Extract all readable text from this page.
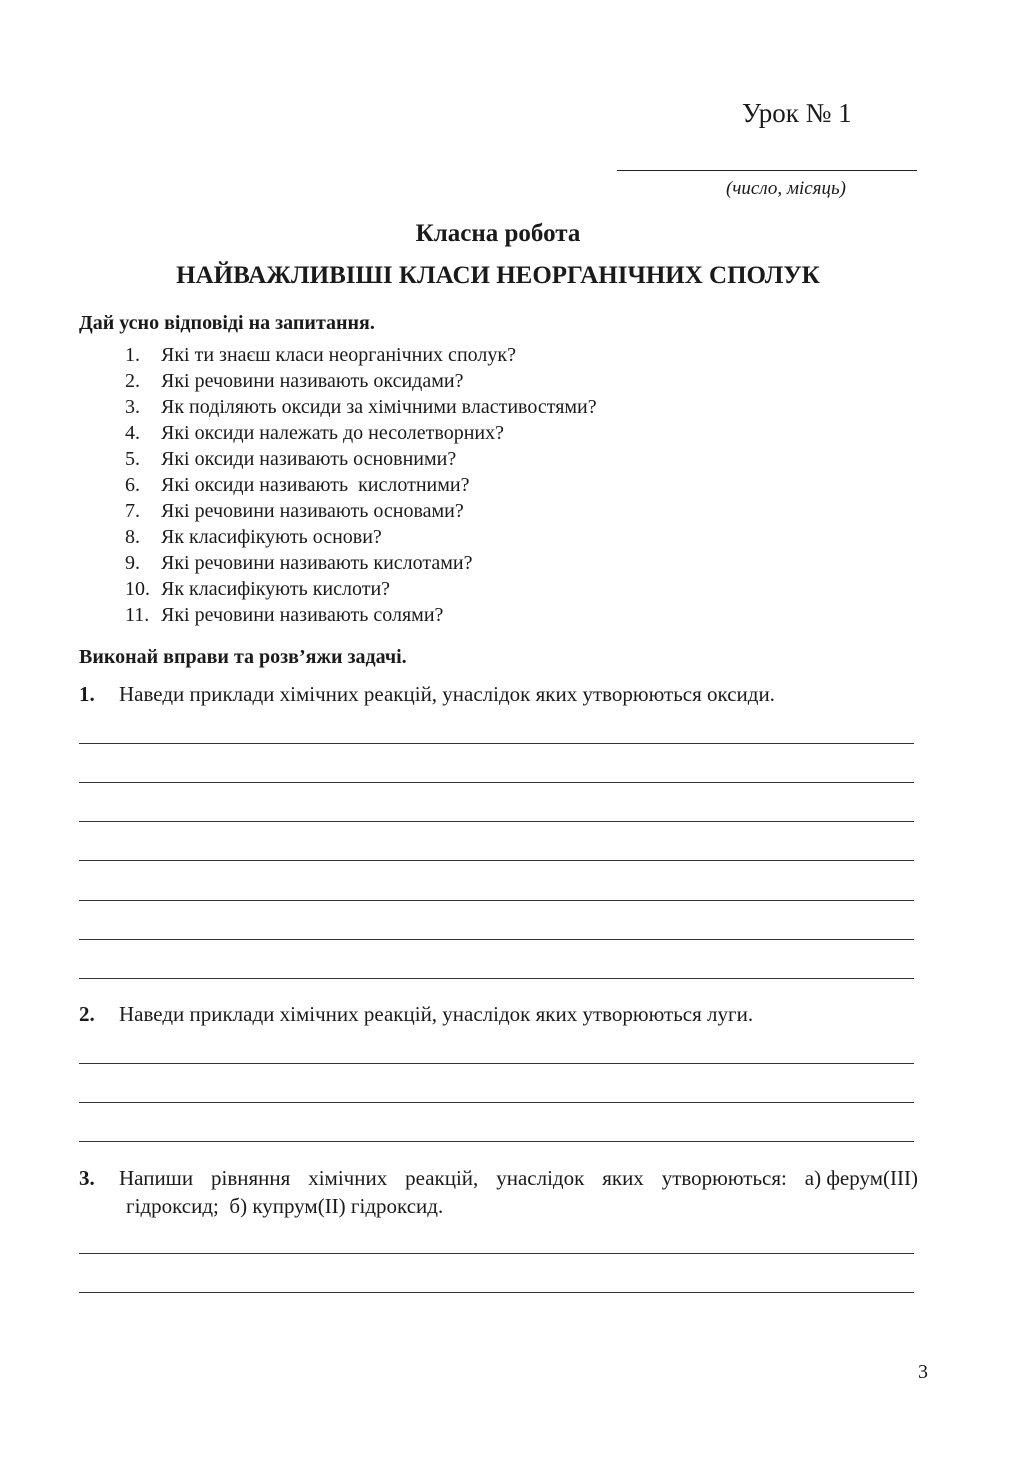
Урок № 1
(число, місяць)
Класна робота
НАЙВАЖЛИВІШІ КЛАСИ НЕОРГАНІЧНИХ СПОЛУК
Дай усно відповіді на запитання.
1. Які ти знаєш класи неорганічних сполук?
2. Які речовини називають оксидами?
3. Як поділяють оксиди за хімічними властивостями?
4. Які оксиди належать до несолетворних?
5. Які оксиди називають основними?
6. Які оксиди називають  кислотними?
7. Які речовини називають основами?
8. Як класифікують основи?
9. Які речовини називають кислотами?
10. Як класифікують кислоти?
11. Які речовини називають солями?
Виконай вправи та розв’яжи задачі.
1. Наведи приклади хімічних реакцій, унаслідок яких утворюються оксиди.
2. Наведи приклади хімічних реакцій, унаслідок яких утворюються луги.
3.	Напиши рівняння хімічних реакцій, унаслідок яких утворюються: а) ферум(III)
гідроксид;  б) купрум(II) гідроксид.
3
